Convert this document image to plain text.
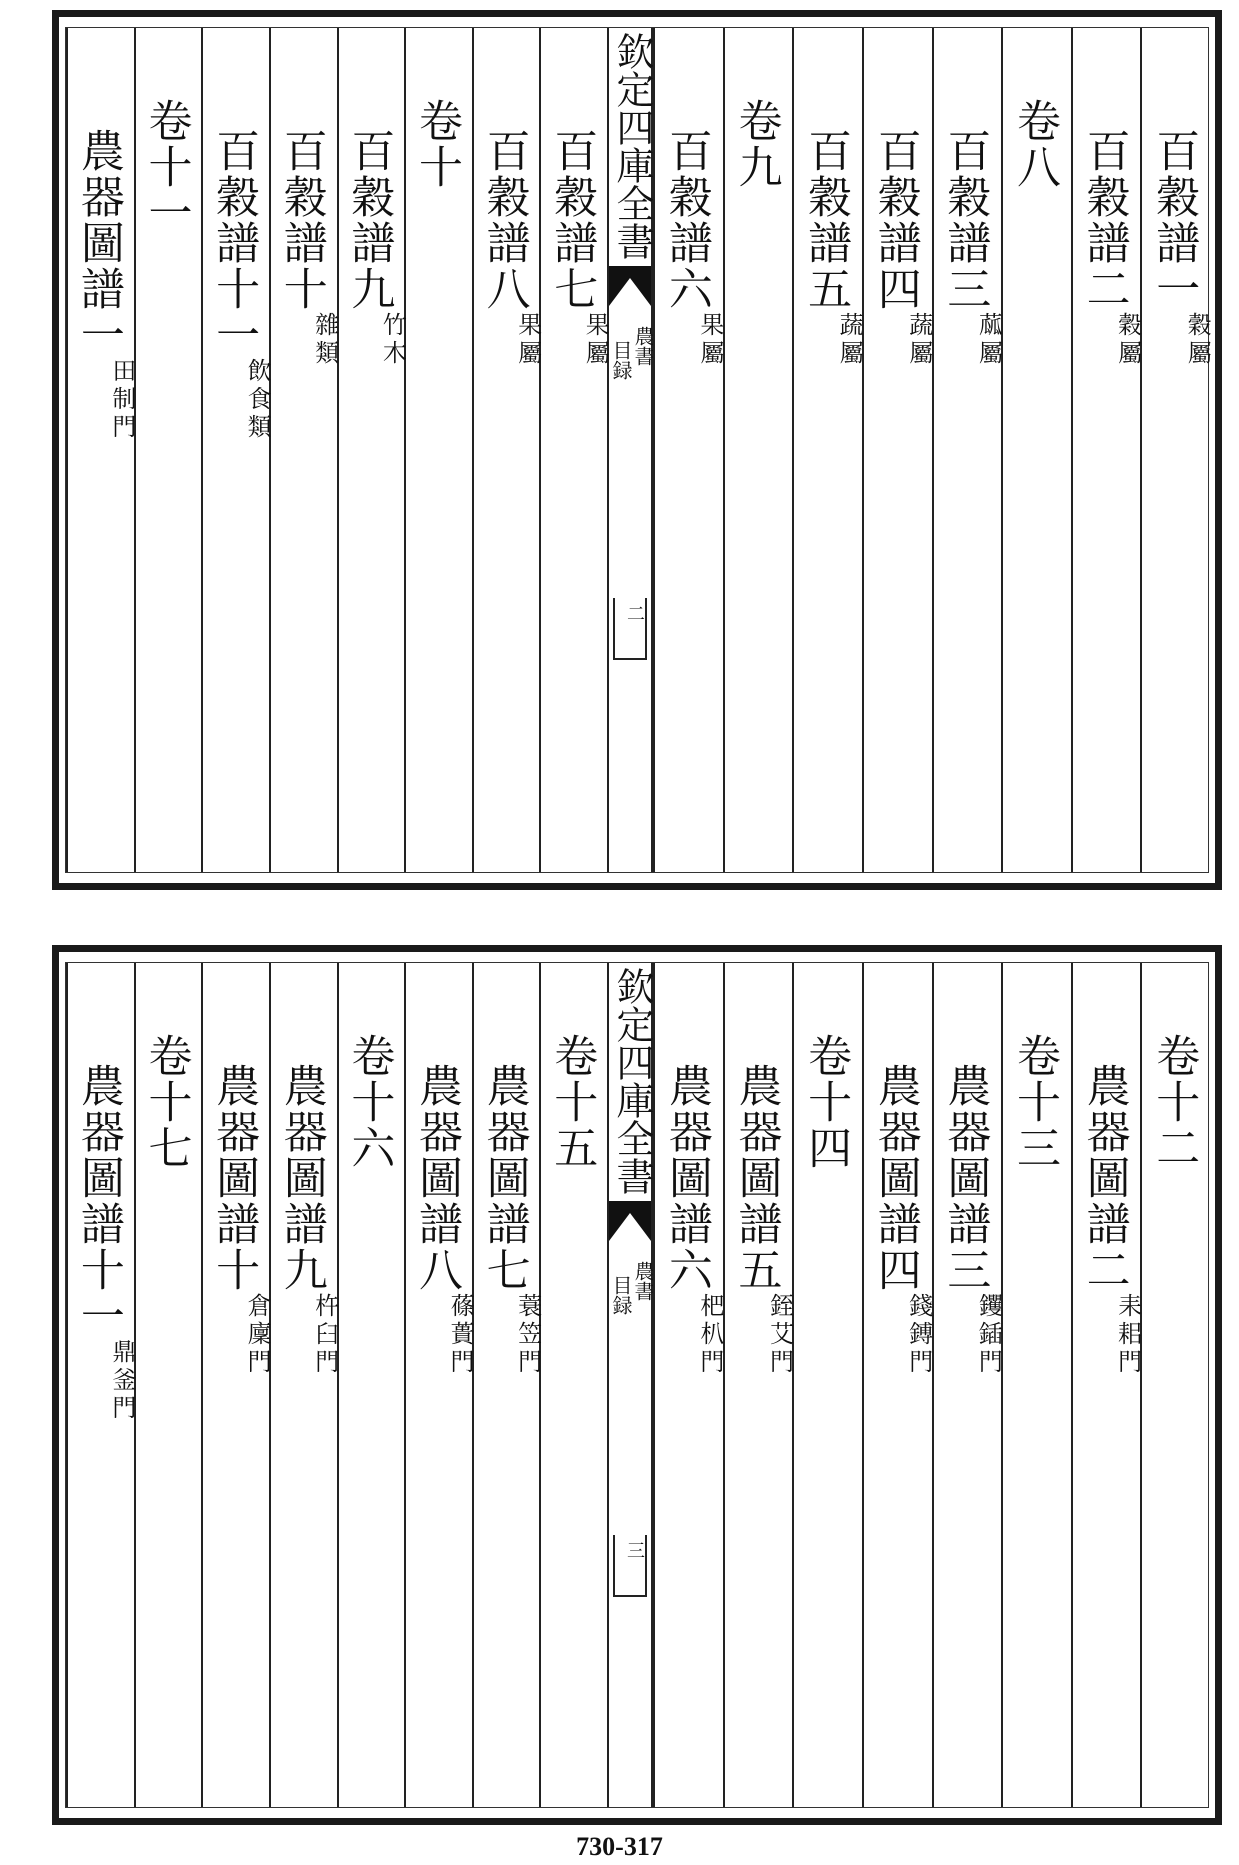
欽定四庫全書
農書
目録
二
百穀譜一
穀屬
百穀譜二
穀屬
卷八
百穀譜三
蓏屬
百穀譜四
蔬屬
百穀譜五
蔬屬
卷九
百穀譜六
果屬
百穀譜七
果屬
百穀譜八
果屬
卷十
百穀譜九
竹木
百穀譜十
雜類
百穀譜十一
飲食類
卷十一
農器圖譜一
田制門
欽定四庫全書
農書
目録
三
卷十二
農器圖譜二
耒耜門
卷十三
農器圖譜三
钁鍤門
農器圖譜四
錢鎛門
卷十四
農器圖譜五
銍艾門
農器圖譜六
杷朳門
卷十五
農器圖譜七
蓑笠門
農器圖譜八
蓧蕢門
卷十六
農器圖譜九
杵臼門
農器圖譜十
倉廩門
卷十七
農器圖譜十一
鼎釜門
730-317
